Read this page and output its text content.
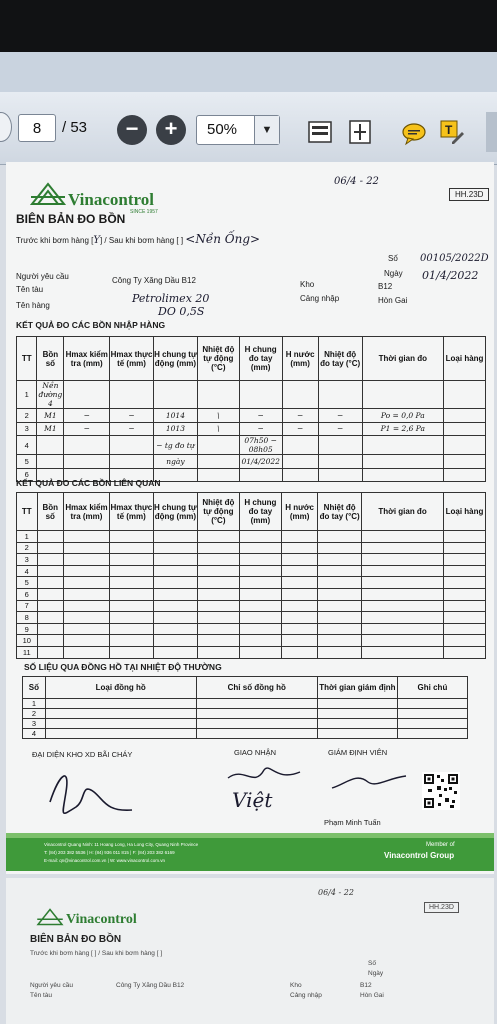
8	/ 53	−	+	50%	▼	T
HH.23D
06/4 - 22
Vinacontrol
SINCE 1957
BIÊN BẢN ĐO BỒN
Trước khi bơm hàng [Y] / Sau khi bơm hàng [ ] <Nền Ống>
Số 00105/2022D
Ngày 01/4/2022
Người yêu cầu	Công Ty Xăng Dầu B12
Tên tàu
Petrolimex 20
Tên hàng	DO 0,5S
Kho	B12
Cảng nhập	Hòn Gai
KẾT QUẢ ĐO CÁC BỒN NHẬP HÀNG
TT	Bồn số	Hmax kiểm tra (mm)	Hmax thực tế (mm)	H chung tự động (mm)	Nhiệt độ tự động (°C)	H chung đo tay (mm)	H nước (mm)	Nhiệt độ đo tay (°C)	Thời gian đo	Loại hàng
1	Nền đường 4									
2	M1	−	−	1014	\	−	−	−	Po = 0,0 Pa	
3	M1	−	−	1013	\	−	−	−	P1 = 2,6 Pa	
4				− tg đo tự		07h50 − 08h05				
5				ngày		01/4/2022				
6										
KẾT QUẢ ĐO CÁC BỒN LIÊN QUAN
TT	Bồn số	Hmax kiểm tra (mm)	Hmax thực tế (mm)	H chung tự động (mm)	Nhiệt độ tự động (°C)	H chung đo tay (mm)	H nước (mm)	Nhiệt độ đo tay (°C)	Thời gian đo	Loại hàng
1										
2										
3										
4										
5										
6										
7										
8										
9										
10										
11										
SỐ LIỆU QUA ĐỒNG HỒ TẠI NHIỆT ĐỘ THƯỜNG
Số	Loại đồng hồ	Chỉ số đồng hồ	Thời gian giám định	Ghi chú
1				
2				
3				
4				
ĐẠI DIỆN KHO XD BÃI CHÁY	GIAO NHẬN	GIÁM ĐỊNH VIÊN
Việt
Phạm Minh Tuấn
Vinacontrol Quang Ninh: 11 Hoang Long, Ha Long City, Quang Ninh Province
T: (84) 203 382 5536 | H: (84) 936 011 815 | F: (84) 203 382 6169
E-mail: qn@vinacontrol.com.vn | W: www.vinacontrol.com.vn
Member of
Vinacontrol Group
HH.23D
06/4 - 22
Vinacontrol
BIÊN BẢN ĐO BỒN
Trước khi bơm hàng [ ] / Sau khi bơm hàng [ ]
Số
Ngày
Người yêu cầu	Công Ty Xăng Dầu B12
Tên tàu
Kho	B12
Cảng nhập	Hòn Gai
